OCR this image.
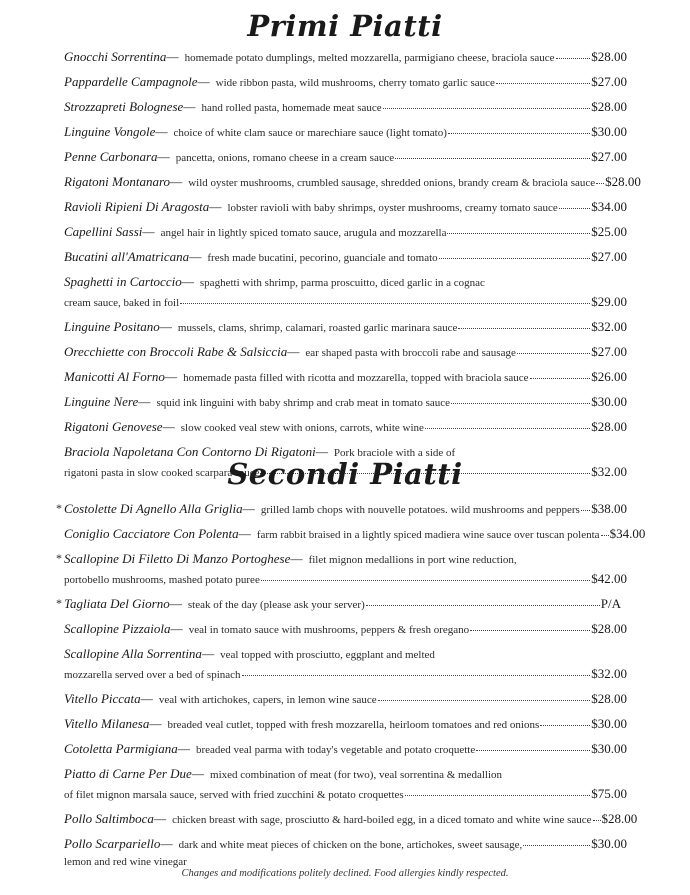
Primi Piatti
Gnocchi Sorrentina — homemade potato dumplings, melted mozzarella, parmigiano cheese, braciola sauce	$28.00
Pappardelle Campagnole — wide ribbon pasta, wild mushrooms, cherry tomato garlic sauce	$27.00
Strozzapreti Bolognese — hand rolled pasta, homemade meat sauce	$28.00
Linguine Vongole — choice of white clam sauce or marechiare sauce (light tomato)	$30.00
Penne Carbonara — pancetta, onions, romano cheese in a cream sauce	$27.00
Rigatoni Montanaro — wild oyster mushrooms, crumbled sausage, shredded onions, brandy cream & braciola sauce $28.00
Ravioli Ripieni Di Aragosta — lobster ravioli with baby shrimps, oyster mushrooms, creamy tomato sauce	$34.00
Capellini Sassi — angel hair in lightly spiced tomato sauce, arugula and mozzarella	$25.00
Bucatini all'Amatricana — fresh made bucatini, pecorino, guanciale and tomato	$27.00
Spaghetti in Cartoccio — spaghetti with shrimp, parma proscuitto, diced garlic in a cognac
cream sauce, baked in foil	$29.00
Linguine Positano — mussels, clams, shrimp, calamari, roasted garlic marinara sauce	$32.00
Orecchiette con Broccoli Rabe & Salsiccia — ear shaped pasta with broccoli rabe and sausage	$27.00
Manicotti Al Forno — homemade pasta filled with ricotta and mozzarella, topped with braciola sauce	$26.00
Linguine Nere — squid ink linguini with baby shrimp and crab meat in tomato sauce	$30.00
Rigatoni Genovese — slow cooked veal stew with onions, carrots, white wine	$28.00
Braciola Napoletana Con Contorno Di Rigatoni — Pork braciole with a side of
rigatoni pasta in slow cooked scarpara sauce	$32.00
Secondi Piatti
* Costolette Di Agnello Alla Griglia — grilled lamb chops with nouvelle potatoes. wild mushrooms and peppers $38.00
Coniglio Cacciatore Con Polenta — farm rabbit braised in a lightly spiced madiera wine sauce over tuscan polenta $34.00
* Scallopine Di Filetto Di Manzo Portoghese — filet mignon medallions in port wine reduction,
portobello mushrooms, mashed potato puree	$42.00
* Tagliata Del Giorno — steak of the day (please ask your server)	P/A
Scallopine Pizzaiola — veal in tomato sauce with mushrooms, peppers & fresh oregano	$28.00
Scallopine Alla Sorrentina — veal topped with prosciutto, eggplant and melted
mozzarella served over a bed of spinach	$32.00
Vitello Piccata — veal with artichokes, capers, in lemon wine sauce	$28.00
Vitello Milanesa — breaded veal cutlet, topped with fresh mozzarella, heirloom tomatoes and red onions	$30.00
Cotoletta Parmigiana — breaded veal parma with today's vegetable and potato croquette	$30.00
Piatto di Carne Per Due — mixed combination of meat (for two), veal sorrentina & medallion
of filet mignon marsala sauce, served with fried zucchini & potato croquettes	$75.00
Pollo Saltimboca — chicken breast with sage, prosciutto & hard-boiled egg, in a diced tomato and white wine sauce $28.00
Pollo Scarpariello — dark and white meat pieces of chicken on the bone, artichokes, sweet sausage,	$30.00
lemon and red wine vinegar
Changes and modifications politely declined. Food allergies kindly respected.
